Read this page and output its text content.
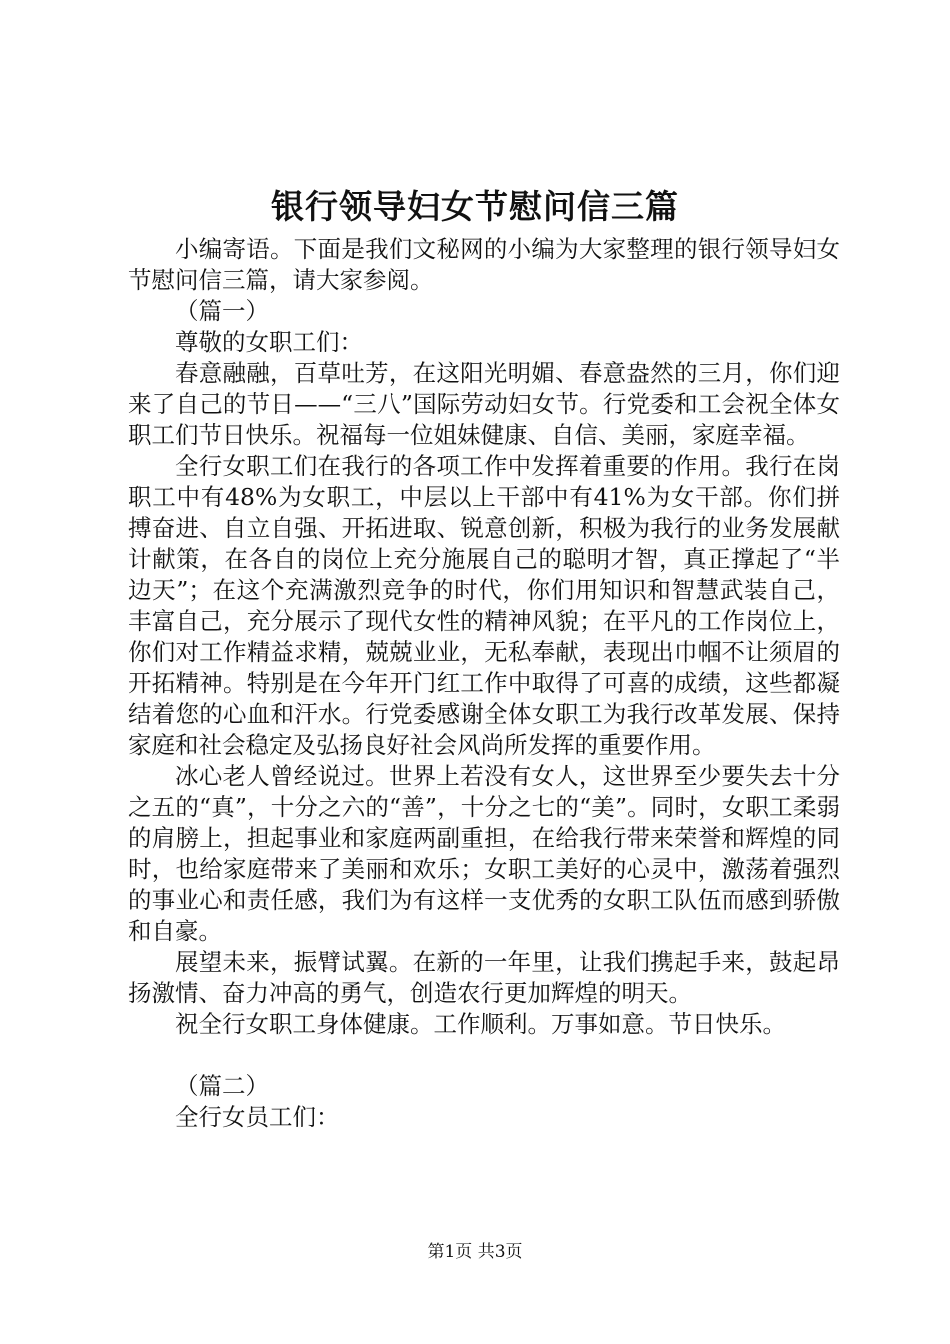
银行领导妇女节慰问信三篇

小编寄语。下面是我们文秘网的小编为大家整理的银行领导妇女节慰问信三篇，请大家参阅。

（篇一）

尊敬的女职工们：

春意融融，百草吐芳，在这阳光明媚、春意盎然的三月，你们迎来了自己的节日——“三八”国际劳动妇女节。行党委和工会祝全体女职工们节日快乐。祝福每一位姐妹健康、自信、美丽，家庭幸福。

全行女职工们在我行的各项工作中发挥着重要的作用。我行在岗职工中有48%为女职工，中层以上干部中有41%为女干部。你们拼搏奋进、自立自强、开拓进取、锐意创新，积极为我行的业务发展献计献策，在各自的岗位上充分施展自己的聪明才智，真正撑起了“半边天”；在这个充满激烈竞争的时代，你们用知识和智慧武装自己，丰富自己，充分展示了现代女性的精神风貌；在平凡的工作岗位上，你们对工作精益求精，兢兢业业，无私奉献，表现出巾帼不让须眉的开拓精神。特别是在今年开门红工作中取得了可喜的成绩，这些都凝结着您的心血和汗水。行党委感谢全体女职工为我行改革发展、保持家庭和社会稳定及弘扬良好社会风尚所发挥的重要作用。

冰心老人曾经说过。世界上若没有女人，这世界至少要失去十分之五的“真”，十分之六的“善”，十分之七的“美”。同时，女职工柔弱的肩膀上，担起事业和家庭两副重担，在给我行带来荣誉和辉煌的同时，也给家庭带来了美丽和欢乐；女职工美好的心灵中，激荡着强烈的事业心和责任感，我们为有这样一支优秀的女职工队伍而感到骄傲和自豪。

展望未来，振臂试翼。在新的一年里，让我们携起手来，鼓起昂扬激情、奋力冲高的勇气，创造农行更加辉煌的明天。

祝全行女职工身体健康。工作顺利。万事如意。节日快乐。

（篇二）

全行女员工们：

第1页 共3页
